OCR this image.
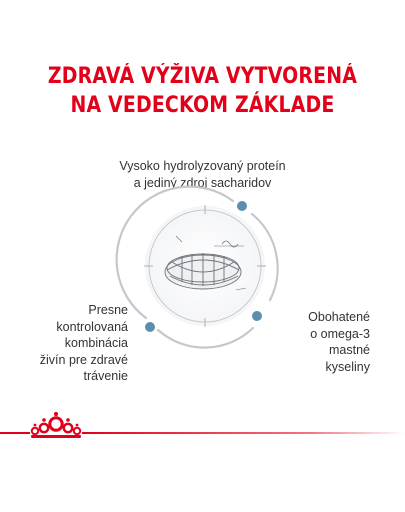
ZDRAVÁ VÝŽIVA VYTVORENÁ
NA VEDECKOM ZÁKLADE
Vysoko hydrolyzovaný proteín
a jediný zdroj sacharidov
Presne
kontrolovaná
kombinácia
živín pre zdravé
trávenie
Obohatené
o omega-3
mastné
kyseliny
